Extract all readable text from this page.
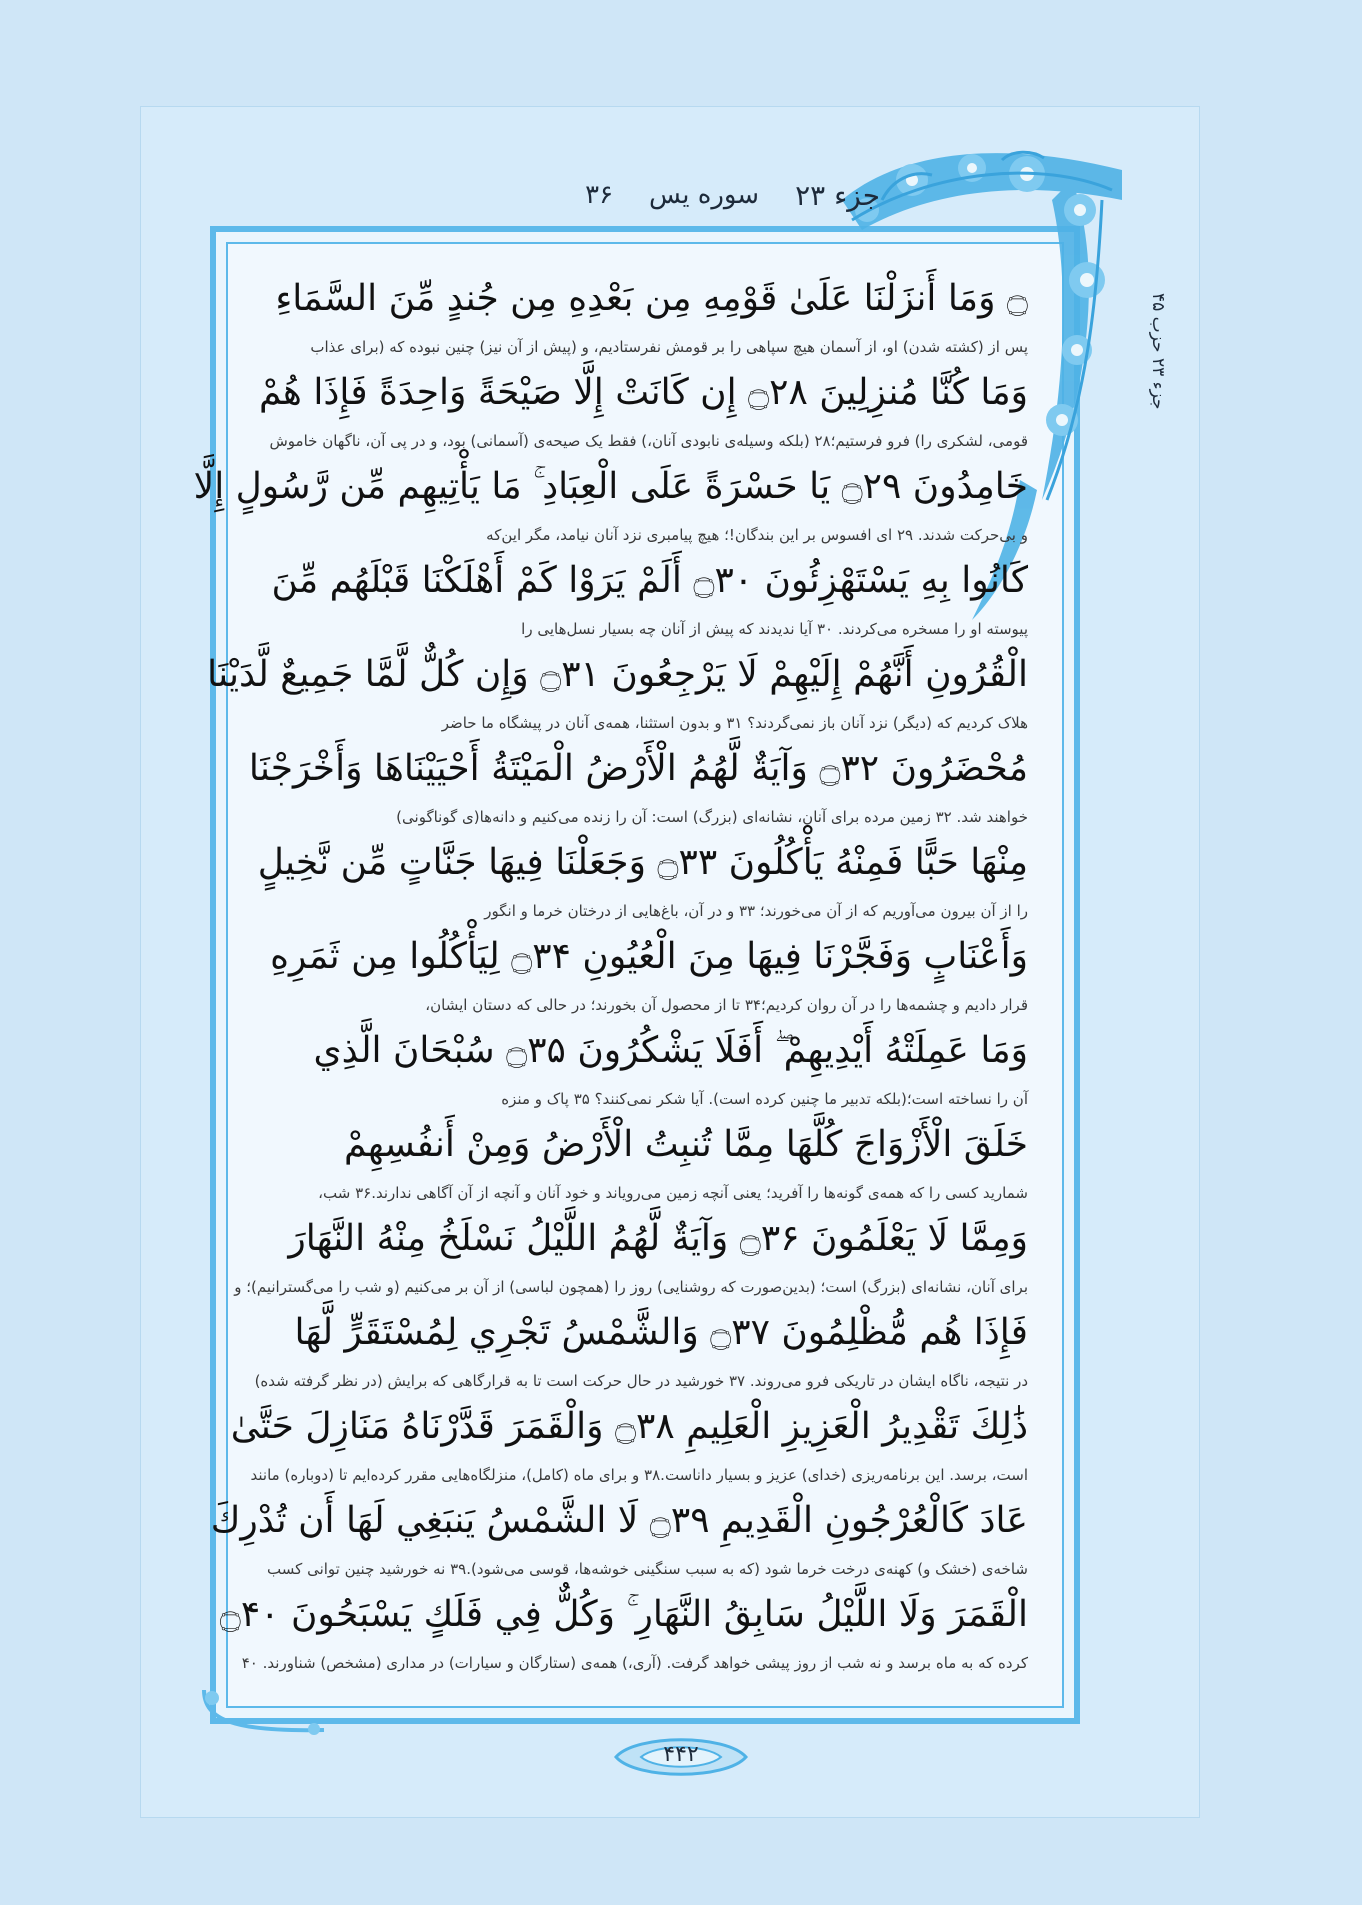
جزء ۲۳
سوره یس
۳۶
جزء ۲۳ حزب ۴۵
۝ وَمَا أَنزَلْنَا عَلَىٰ قَوْمِهِ مِن بَعْدِهِ مِن جُندٍ مِّنَ السَّمَاءِ
پس از (کشته شدن) او، از آسمان هیچ سپاهی را بر قومش نفرستادیم، و (پیش از آن نیز) چنین نبوده که (برای عذاب
وَمَا كُنَّا مُنزِلِينَ ۝۲۸ إِن كَانَتْ إِلَّا صَيْحَةً وَاحِدَةً فَإِذَا هُمْ
قومی، لشکری را) فرو فرستیم؛۲۸ (بلکه وسیله‌ی نابودی آنان،) فقط یک صیحه‌ی (آسمانی) بود، و در پی آن، ناگهان خاموش
خَامِدُونَ ۝۲۹ يَا حَسْرَةً عَلَى الْعِبَادِ ۚ مَا يَأْتِيهِم مِّن رَّسُولٍ إِلَّا
و بی‌حرکت شدند. ۲۹ ای افسوس بر این بندگان!؛ هیچ پیامبری نزد آنان نیامد، مگر این‌که
كَانُوا بِهِ يَسْتَهْزِئُونَ ۝۳۰ أَلَمْ يَرَوْا كَمْ أَهْلَكْنَا قَبْلَهُم مِّنَ
پیوسته او را مسخره می‌کردند. ۳۰ آیا ندیدند که پیش از آنان چه بسیار نسل‌هایی را
الْقُرُونِ أَنَّهُمْ إِلَيْهِمْ لَا يَرْجِعُونَ ۝۳۱ وَإِن كُلٌّ لَّمَّا جَمِيعٌ لَّدَيْنَا
هلاک کردیم که (دیگر) نزد آنان باز نمی‌گردند؟ ۳۱ و بدون استثنا، همه‌ی آنان در پیشگاه ما حاضر
مُحْضَرُونَ ۝۳۲ وَآيَةٌ لَّهُمُ الْأَرْضُ الْمَيْتَةُ أَحْيَيْنَاهَا وَأَخْرَجْنَا
خواهند شد. ۳۲ زمین مرده برای آنان، نشانه‌ای (بزرگ) است: آن را زنده می‌کنیم و دانه‌ها(ی گوناگونی)
مِنْهَا حَبًّا فَمِنْهُ يَأْكُلُونَ ۝۳۳ وَجَعَلْنَا فِيهَا جَنَّاتٍ مِّن نَّخِيلٍ
را از آن بیرون می‌آوریم که از آن می‌خورند؛ ۳۳ و در آن، باغ‌هایی از درختان خرما و انگور
وَأَعْنَابٍ وَفَجَّرْنَا فِيهَا مِنَ الْعُيُونِ ۝۳۴ لِيَأْكُلُوا مِن ثَمَرِهِ
قرار دادیم و چشمه‌ها را در آن روان کردیم؛۳۴ تا از محصول آن بخورند؛ در حالی که دستان ایشان،
وَمَا عَمِلَتْهُ أَيْدِيهِمْ ۖ أَفَلَا يَشْكُرُونَ ۝۳۵ سُبْحَانَ الَّذِي
آن را نساخته است؛(بلکه تدبیر ما چنین کرده است). آیا شکر نمی‌کنند؟ ۳۵ پاک و منزه
خَلَقَ الْأَزْوَاجَ كُلَّهَا مِمَّا تُنبِتُ الْأَرْضُ وَمِنْ أَنفُسِهِمْ
شمارید کسی را که همه‌ی گونه‌ها را آفرید؛ یعنی آنچه زمین می‌رویاند و خود آنان و آنچه از آن آگاهی ندارند.۳۶ شب،
وَمِمَّا لَا يَعْلَمُونَ ۝۳۶ وَآيَةٌ لَّهُمُ اللَّيْلُ نَسْلَخُ مِنْهُ النَّهَارَ
برای آنان، نشانه‌ای (بزرگ) است؛ (بدین‌صورت که روشنایی) روز را (همچون لباسی) از آن بر می‌کنیم (و شب را می‌گسترانیم)؛ و
فَإِذَا هُم مُّظْلِمُونَ ۝۳۷ وَالشَّمْسُ تَجْرِي لِمُسْتَقَرٍّ لَّهَا
در نتیجه، ناگاه ایشان در تاریکی فرو می‌روند. ۳۷ خورشید در حال حرکت است تا به قرارگاهی که برایش (در نظر گرفته شده)
ذَٰلِكَ تَقْدِيرُ الْعَزِيزِ الْعَلِيمِ ۝۳۸ وَالْقَمَرَ قَدَّرْنَاهُ مَنَازِلَ حَتَّىٰ
است، برسد. این برنامه‌ریزی (خدای) عزیز و بسیار داناست.۳۸ و برای ماه (کامل)، منزلگاه‌هایی مقرر کرده‌ایم تا (دوباره) مانند
عَادَ كَالْعُرْجُونِ الْقَدِيمِ ۝۳۹ لَا الشَّمْسُ يَنبَغِي لَهَا أَن تُدْرِكَ
شاخه‌ی (خشک و) کهنه‌ی درخت خرما شود (که به سبب سنگینی خوشه‌ها، قوسی می‌شود).۳۹ نه خورشید چنین توانی کسب
الْقَمَرَ وَلَا اللَّيْلُ سَابِقُ النَّهَارِ ۚ وَكُلٌّ فِي فَلَكٍ يَسْبَحُونَ ۝۴۰
کرده که به ماه برسد و نه شب از روز پیشی خواهد گرفت. (آری،) همه‌ی (ستارگان و سیارات) در مداری (مشخص) شناورند. ۴۰
۴۴۲
